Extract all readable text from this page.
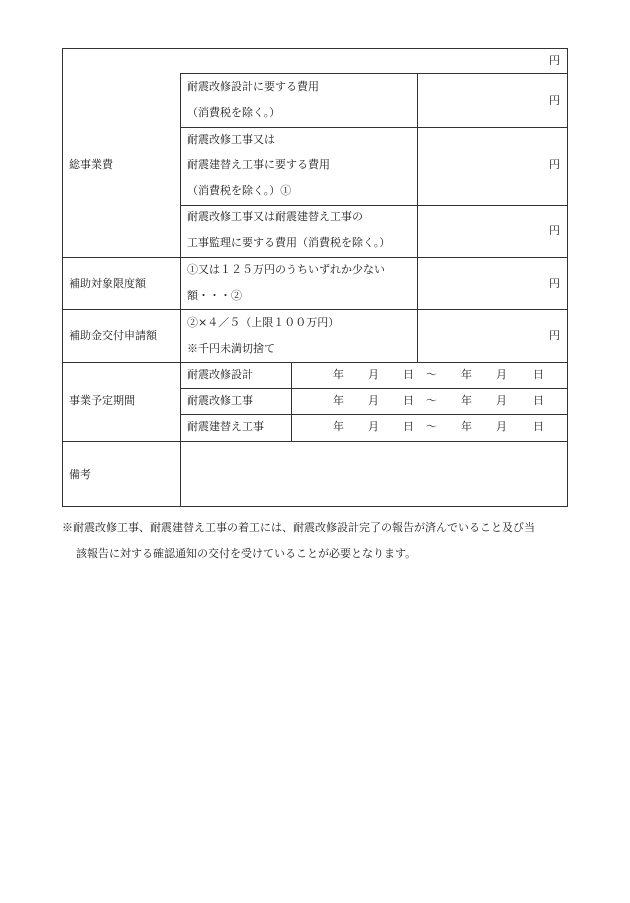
円
総事業費
耐震改修設計に要する費用
（消費税を除く。）
円
耐震改修工事又は
耐震建替え工事に要する費用
（消費税を除く。）①
円
耐震改修工事又は耐震建替え工事の
工事監理に要する費用（消費税を除く。）
円
補助対象限度額
①又は１２５万円のうちいずれか少ない
額・・・②
円
補助金交付申請額
②×４／５（上限１００万円）
※千円未満切捨て
円
事業予定期間
耐震改修設計
耐震改修工事
耐震建替え工事
年 月 日 ～ 年 月 日
年 月 日 ～ 年 月 日
年 月 日 ～ 年 月 日
備考
※耐震改修工事、耐震建替え工事の着工には、耐震改修設計完了の報告が済んでいること及び当
該報告に対する確認通知の交付を受けていることが必要となります。
